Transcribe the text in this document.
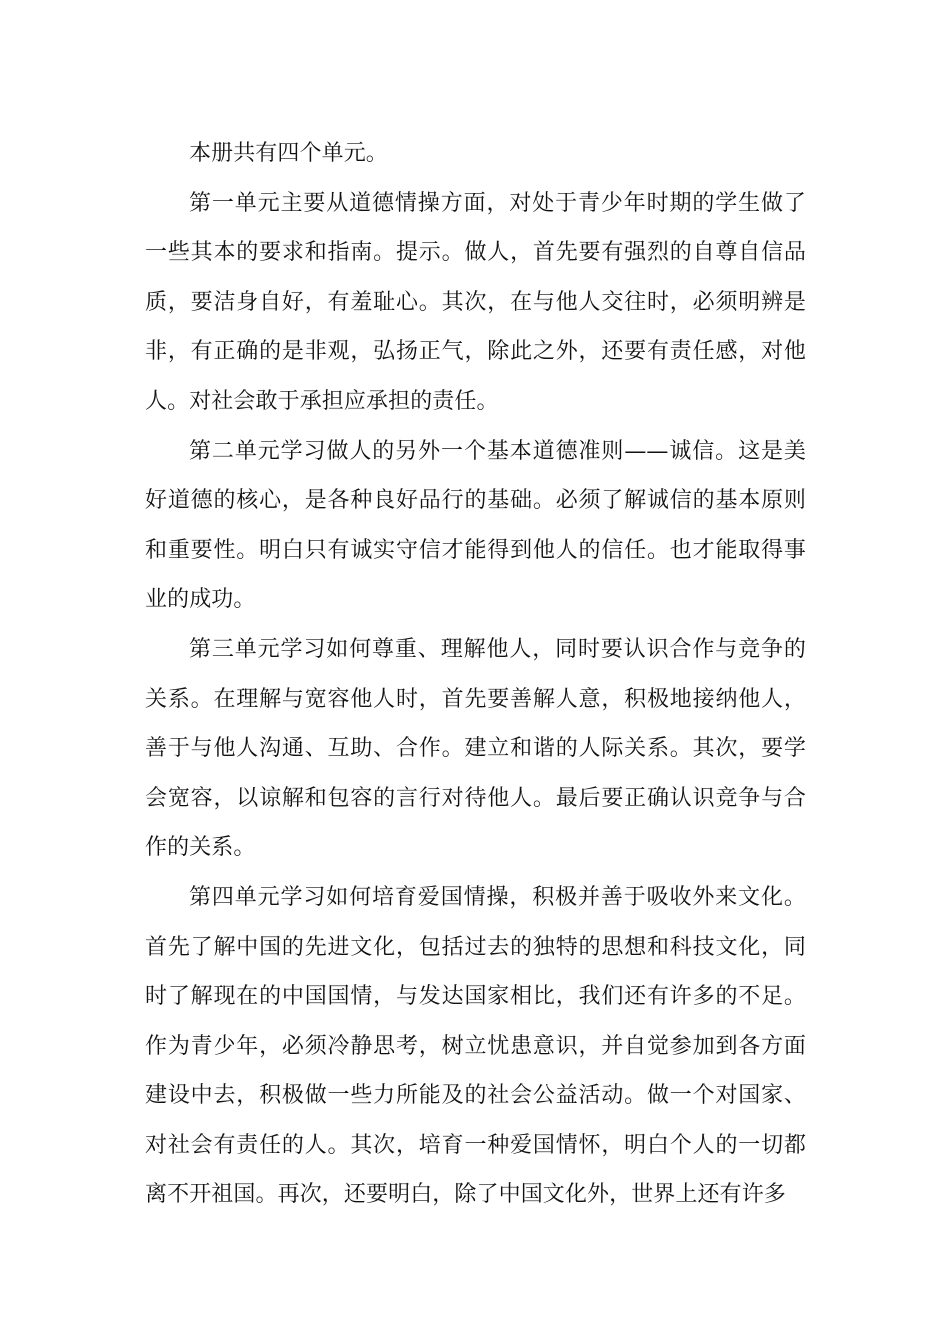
本册共有四个单元。

第一单元主要从道德情操方面，对处于青少年时期的学生做了一些其本的要求和指南。提示。做人，首先要有强烈的自尊自信品质，要洁身自好，有羞耻心。其次，在与他人交往时，必须明辨是非，有正确的是非观，弘扬正气，除此之外，还要有责任感，对他人。对社会敢于承担应承担的责任。

第二单元学习做人的另外一个基本道德准则——诚信。这是美好道德的核心，是各种良好品行的基础。必须了解诚信的基本原则和重要性。明白只有诚实守信才能得到他人的信任。也才能取得事业的成功。

第三单元学习如何尊重、理解他人，同时要认识合作与竞争的关系。在理解与宽容他人时，首先要善解人意，积极地接纳他人，善于与他人沟通、互助、合作。建立和谐的人际关系。其次，要学会宽容，以谅解和包容的言行对待他人。最后要正确认识竞争与合作的关系。

第四单元学习如何培育爱国情操，积极并善于吸收外来文化。首先了解中国的先进文化，包括过去的独特的思想和科技文化，同时了解现在的中国国情，与发达国家相比，我们还有许多的不足。作为青少年，必须冷静思考，树立忧患意识，并自觉参加到各方面建设中去，积极做一些力所能及的社会公益活动。做一个对国家、对社会有责任的人。其次，培育一种爱国情怀，明白个人的一切都离不开祖国。再次，还要明白，除了中国文化外，世界上还有许多
